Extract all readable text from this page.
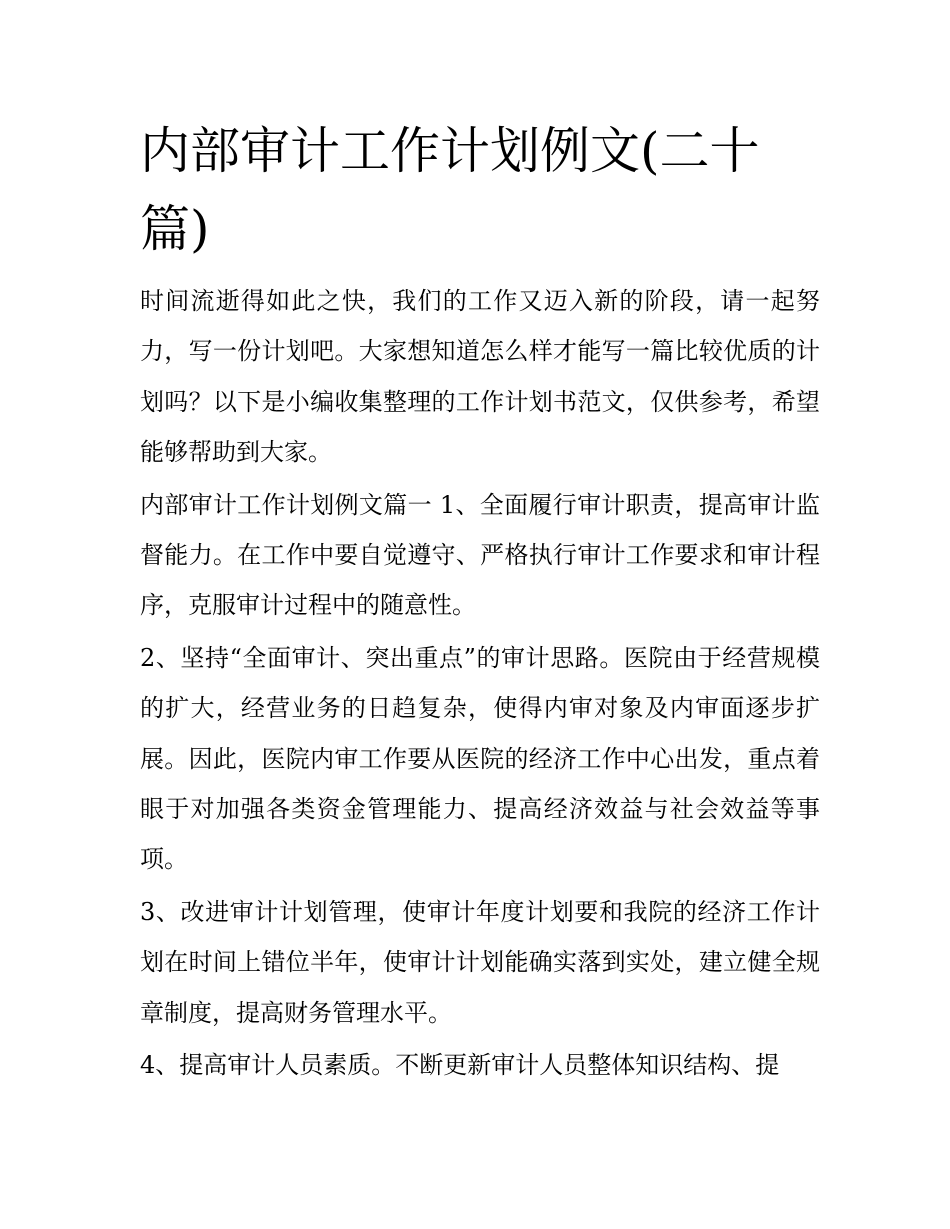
内部审计工作计划例文(二十篇)

时间流逝得如此之快，我们的工作又迈入新的阶段，请一起努力，写一份计划吧。大家想知道怎么样才能写一篇比较优质的计划吗？以下是小编收集整理的工作计划书范文，仅供参考，希望能够帮助到大家。

内部审计工作计划例文篇一 1、全面履行审计职责，提高审计监督能力。在工作中要自觉遵守、严格执行审计工作要求和审计程序，克服审计过程中的随意性。

2、坚持“全面审计、突出重点”的审计思路。医院由于经营规模的扩大，经营业务的日趋复杂，使得内审对象及内审面逐步扩展。因此，医院内审工作要从医院的经济工作中心出发，重点着眼于对加强各类资金管理能力、提高经济效益与社会效益等事项。

3、改进审计计划管理，使审计年度计划要和我院的经济工作计划在时间上错位半年，使审计计划能确实落到实处，建立健全规章制度，提高财务管理水平。

4、提高审计人员素质。不断更新审计人员整体知识结构、提
